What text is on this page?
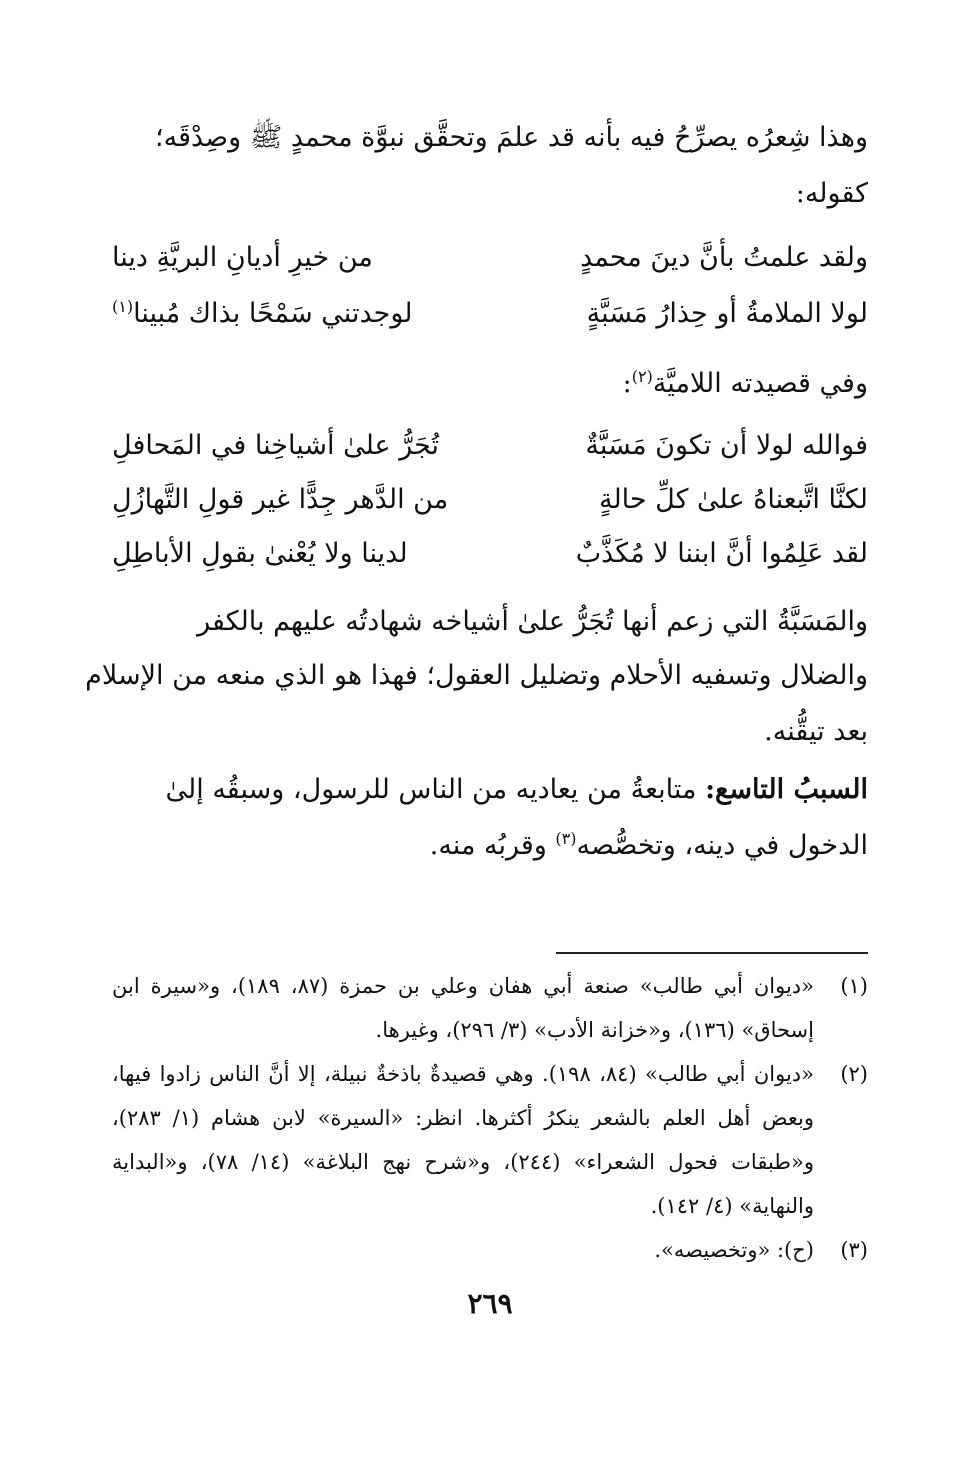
وهذا شِعرُه يصرِّحُ فيه بأنه قد علمَ وتحقَّق نبوَّة محمدٍ ﷺ وصِدْقَه؛
كقوله:
ولقد علمتُ بأنَّ دينَ محمدٍ
من خيرِ أديانِ البريَّةِ دينا
لولا الملامةُ أو حِذارُ مَسَبَّةٍ
لوجدتني سَمْحًا بذاك مُبينا$^{(١)}$
وفي قصيدته اللاميَّة$^{(٢)}$:
فوالله لولا أن تكونَ مَسَبَّةٌ
تُجَرُّ علىٰ أشياخِنا في المَحافلِ
لكنَّا اتَّبعناهُ علىٰ كلِّ حالةٍ
من الدَّهر جِدًّا غير قولِ التَّهازُلِ
لقد عَلِمُوا أنَّ ابننا لا مُكَذَّبٌ
لدينا ولا يُعْنىٰ بقولِ الأباطِلِ
والمَسَبَّةُ التي زعم أنها تُجَرُّ علىٰ أشياخه شهادتُه عليهم بالكفر
والضلال وتسفيه الأحلام وتضليل العقول؛ فهذا هو الذي منعه من الإسلام
بعد تيقُّنه.
السببُ التاسع: متابعةُ من يعاديه من الناس للرسول، وسبقُه إلىٰ
الدخول في دينه، وتخصُّصه$^{(٣)}$ وقربُه منه.
(١)
«ديوان أبي طالب» صنعة أبي هفان وعلي بن حمزة (٨٧، ١٨٩)، و«سيرة ابن إسحاق» (١٣٦)، و«خزانة الأدب» (٣/ ٢٩٦)، وغيرها.
(٢)
«ديوان أبي طالب» (٨٤، ١٩٨). وهي قصيدةٌ باذخةٌ نبيلة، إلا أنَّ الناس زادوا فيها، وبعض أهل العلم بالشعر ينكرُ أكثرها. انظر: «السيرة» لابن هشام (١/ ٢٨٣)، و«طبقات فحول الشعراء» (٢٤٤)، و«شرح نهج البلاغة» (١٤/ ٧٨)، و«البداية والنهاية» (٤/ ١٤٢).
(٣)
(ح): «وتخصيصه».
٢٦٩
